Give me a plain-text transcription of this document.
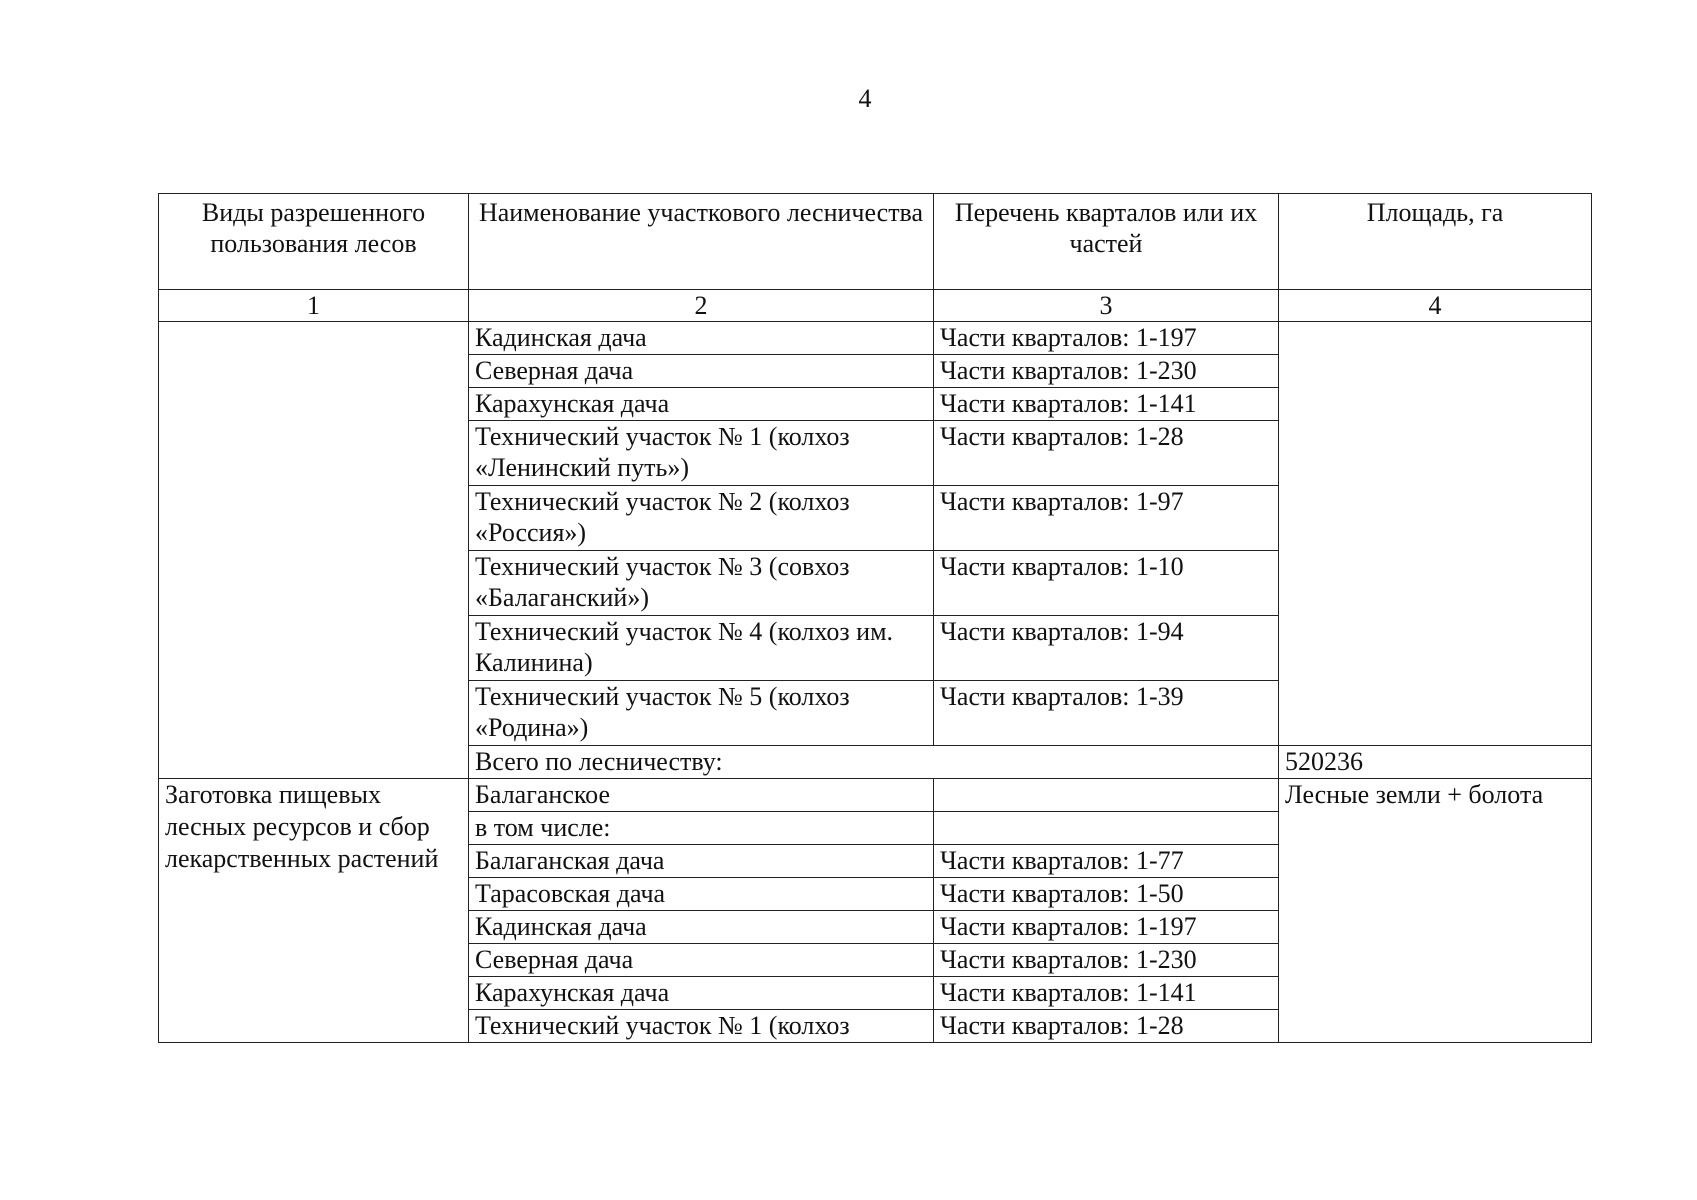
4
Виды разрешенного пользования лесов	Наименование участкового лесничества	Перечень кварталов или их частей	Площадь, га
1	2	3	4
	Кадинская дача	Части кварталов: 1-197	
	Северная дача	Части кварталов: 1-230	
	Карахунская дача	Части кварталов: 1-141	
	Технический участок № 1 (колхоз «Ленинский путь»)	Части кварталов: 1-28	
	Технический участок № 2 (колхоз «Россия»)	Части кварталов: 1-97	
	Технический участок № 3 (совхоз «Балаганский»)	Части кварталов: 1-10	
	Технический участок № 4 (колхоз им. Калинина)	Части кварталов: 1-94	
	Технический участок № 5 (колхоз «Родина»)	Части кварталов: 1-39	
	Всего по лесничеству:		520236
Заготовка пищевых лесных ресурсов и сбор лекарственных растений	Балаганское		Лесные земли + болота
	в том числе:		
	Балаганская дача	Части кварталов: 1-77	
	Тарасовская дача	Части кварталов: 1-50	
	Кадинская дача	Части кварталов: 1-197	
	Северная дача	Части кварталов: 1-230	
	Карахунская дача	Части кварталов: 1-141	
	Технический участок № 1 (колхоз	Части кварталов: 1-28	
